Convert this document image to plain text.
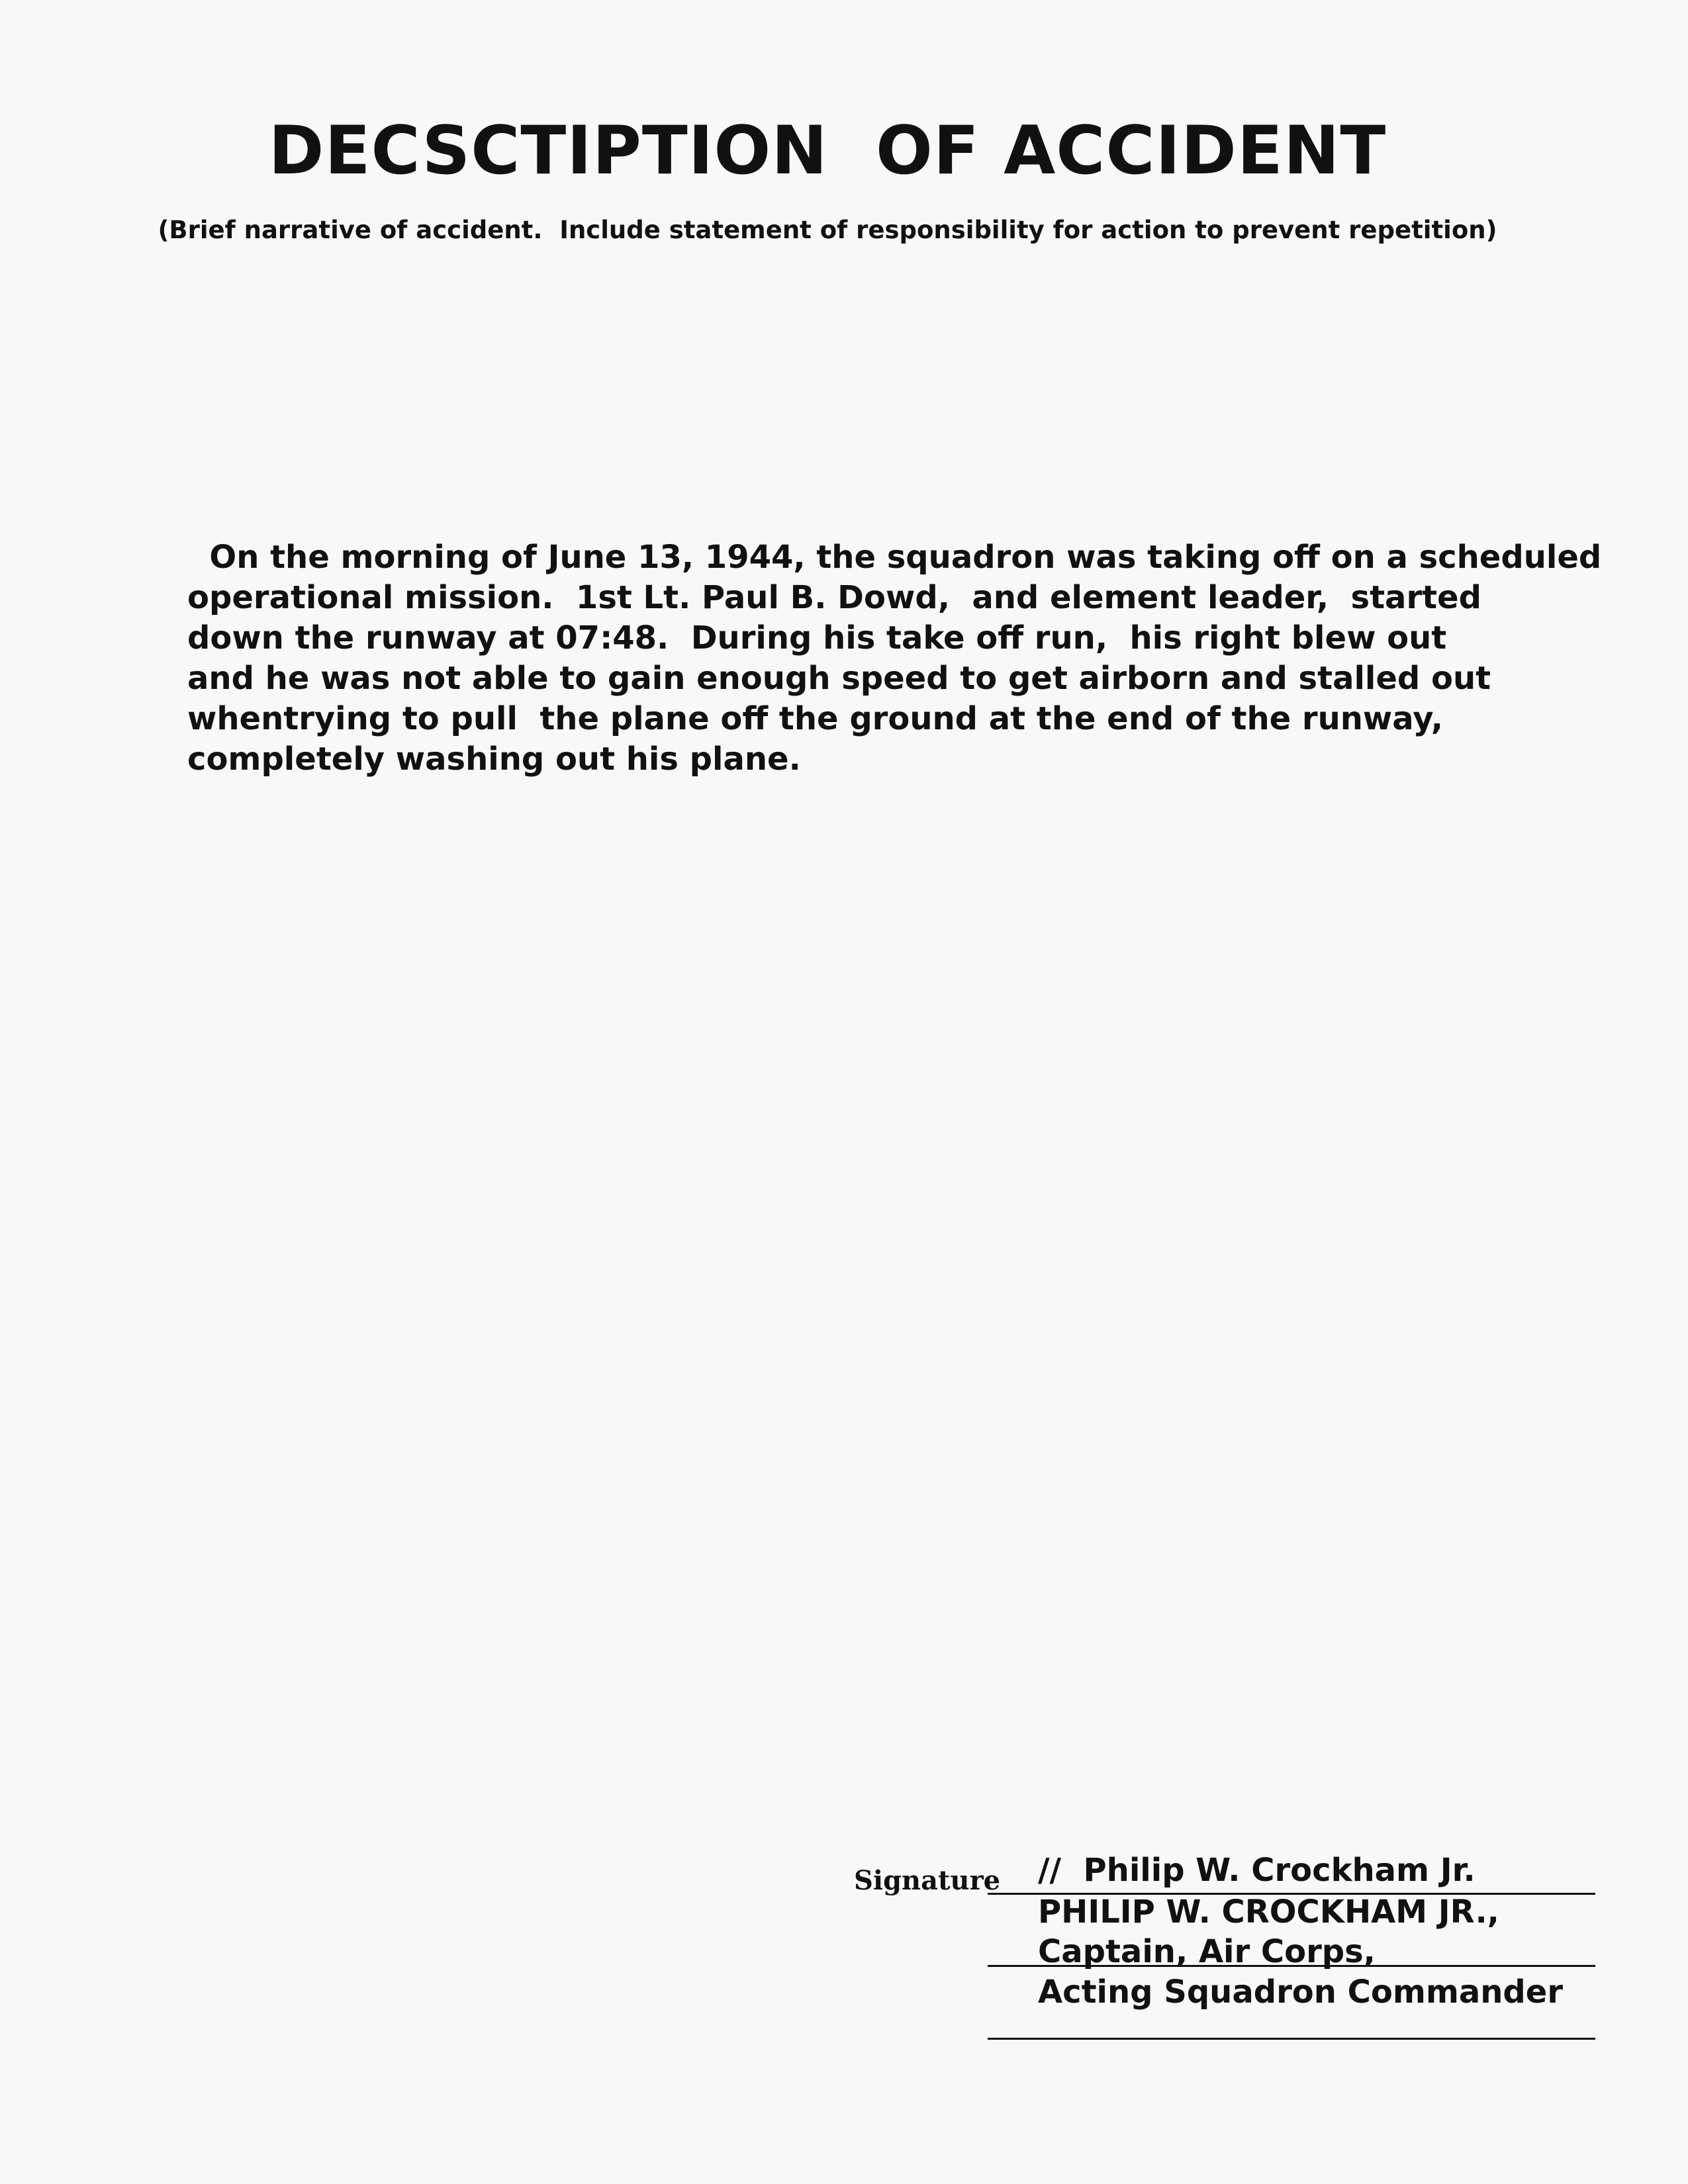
DECSCTIPTION  OF ACCIDENT
(Brief narrative of accident.  Include statement of responsibility for action to prevent repetition)
On the morning of June 13, 1944, the squadron was taking off on a scheduled
operational mission.  1st Lt. Paul B. Dowd,  and element leader,  started
down the runway at 07:48.  During his take off run,  his right blew out
and he was not able to gain enough speed to get airborn and stalled out
whentrying to pull  the plane off the ground at the end of the runway,
completely washing out his plane.
Signature //  Philip W. Crockham Jr.
PHILIP W. CROCKHAM JR.,
Captain, Air Corps,
Acting Squadron Commander
